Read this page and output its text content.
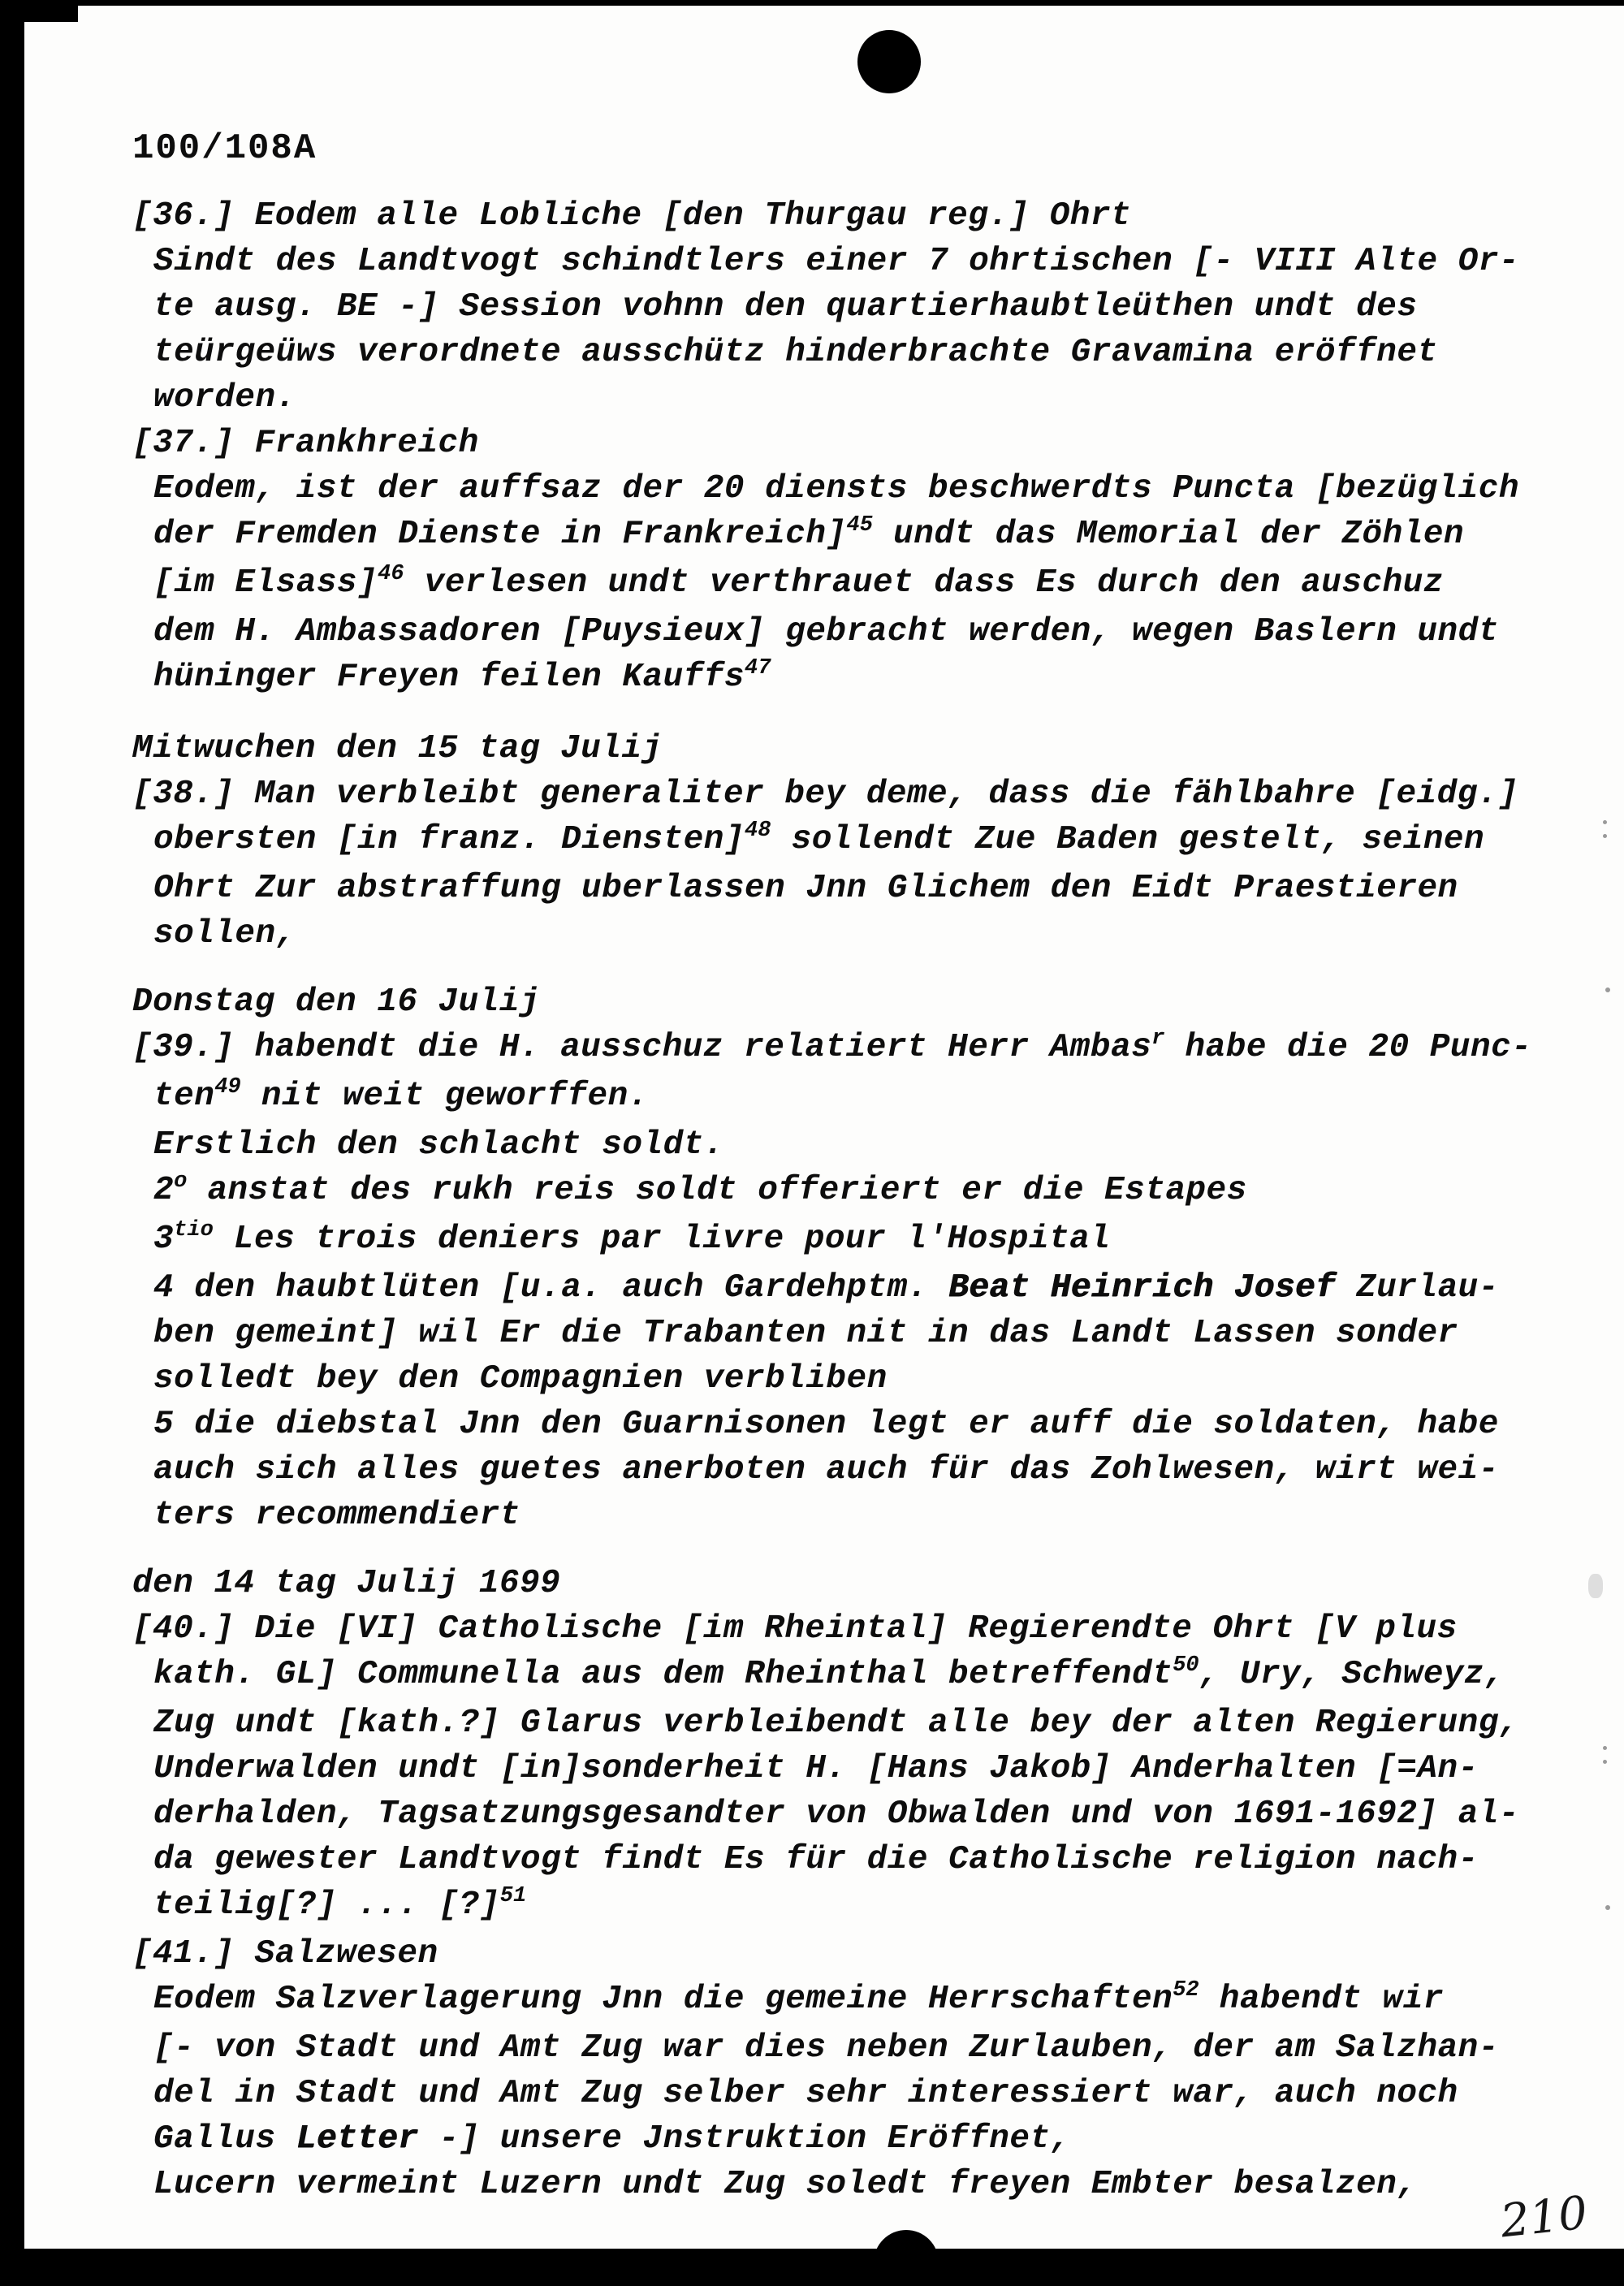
100/108A
[36.] Eodem alle Lobliche [den Thurgau reg.] Ohrt
Sindt des Landtvogt schindtlers einer 7 ohrtischen [- VIII Alte Or-
te ausg. BE -] Session vohnn den quartierhaubtleüthen undt des
teürgeüws verordnete ausschütz hinderbrachte Gravamina eröffnet
worden.
[37.] Frankhreich
Eodem, ist der auffsaz der 20 diensts beschwerdts Puncta [bezüglich
der Fremden Dienste in Frankreich]$^{45}$ undt das Memorial der Zöhlen
[im Elsass]$^{46}$ verlesen undt verthrauet dass Es durch den auschuz
dem H. Ambassadoren [Puysieux] gebracht werden, wegen Baslern undt
hüninger Freyen feilen Kauffs$^{47}$
Mitwuchen den 15 tag Julij
[38.] Man verbleibt generaliter bey deme, dass die fählbahre [eidg.]
obersten [in franz. Diensten]$^{48}$ sollendt Zue Baden gestelt, seinen
Ohrt Zur abstraffung uberlassen Jnn Glichem den Eidt Praestieren
sollen,
Donstag den 16 Julij
[39.] habendt die H. ausschuz relatiert Herr Ambas$^r$ habe die 20 Punc-
ten$^{49}$ nit weit geworffen.
Erstlich den schlacht soldt.
2$^o$ anstat des rukh reis soldt offeriert er die Estapes
$3^{tio}$ Les trois deniers par livre pour l'Hospital
4 den haubtlüten [u.a. auch Gardehptm. Beat Heinrich Josef Zurlau-
ben gemeint] wil Er die Trabanten nit in das Landt Lassen sonder
solledt bey den Compagnien verbliben
5 die diebstal Jnn den Guarnisonen legt er auff die soldaten, habe
auch sich alles guetes anerboten auch für das Zohlwesen, wirt wei-
ters recommendiert
den 14 tag Julij 1699
[40.] Die [VI] Catholische [im Rheintal] Regierendte Ohrt [V plus
kath. GL] Communella aus dem Rheinthal betreffendt$^{50}$, Ury, Schweyz,
Zug undt [kath.?] Glarus verbleibendt alle bey der alten Regierung,
Underwalden undt [in]sonderheit H. [Hans Jakob] Anderhalten [=An-
derhalden, Tagsatzungsgesandter von Obwalden und von 1691-1692] al-
da gewester Landtvogt findt Es für die Catholische religion nach-
teilig[?] ... [?]$^{51}$
[41.] Salzwesen
Eodem Salzverlagerung Jnn die gemeine Herrschaften$^{52}$ habendt wir
[- von Stadt und Amt Zug war dies neben Zurlauben, der am Salzhan-
del in Stadt und Amt Zug selber sehr interessiert war, auch noch
Gallus Letter -] unsere Jnstruktion Eröffnet,
Lucern vermeint Luzern undt Zug soledt freyen Embter besalzen,
210
